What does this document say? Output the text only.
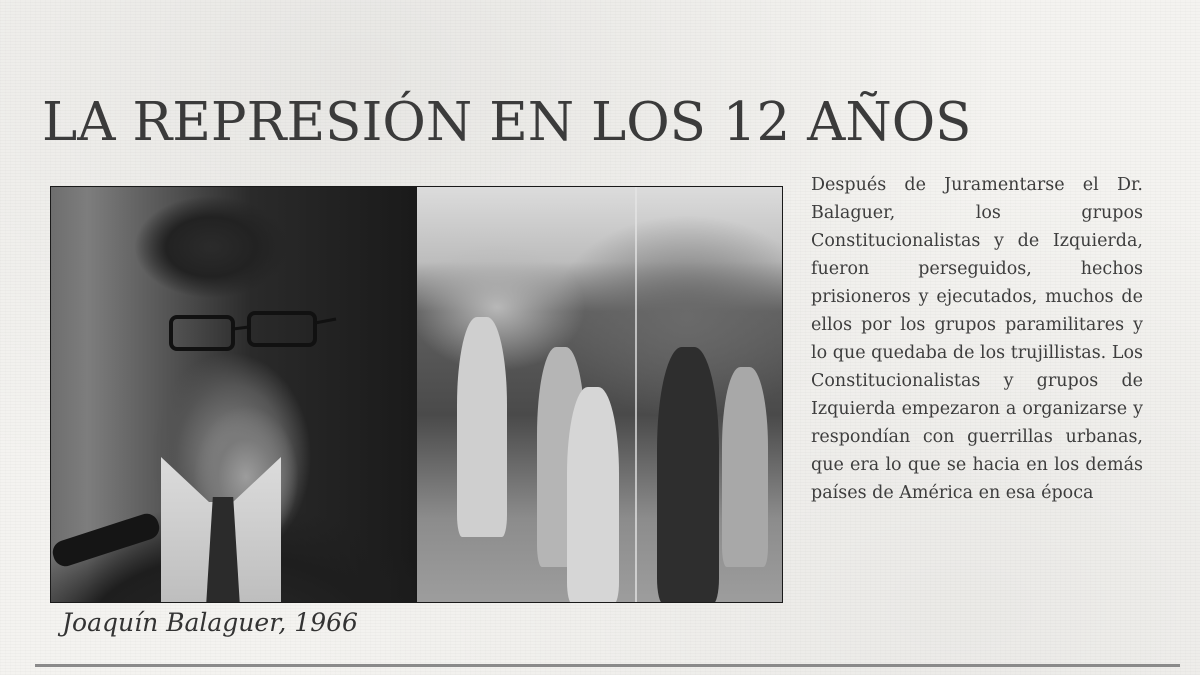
LA REPRESIÓN EN LOS 12 AÑOS
Joaquín Balaguer, 1966

Después de Juramentarse el Dr. Balaguer, los grupos Constitucionalistas y de Izquierda, fueron perseguidos, hechos prisioneros y ejecutados, muchos de ellos por los grupos paramilitares y lo que quedaba de los trujillistas. Los Constitucionalistas y grupos de Izquierda empezaron a organizarse y respondían con guerrillas urbanas, que era lo que se hacia en los demás países de América en esa época
